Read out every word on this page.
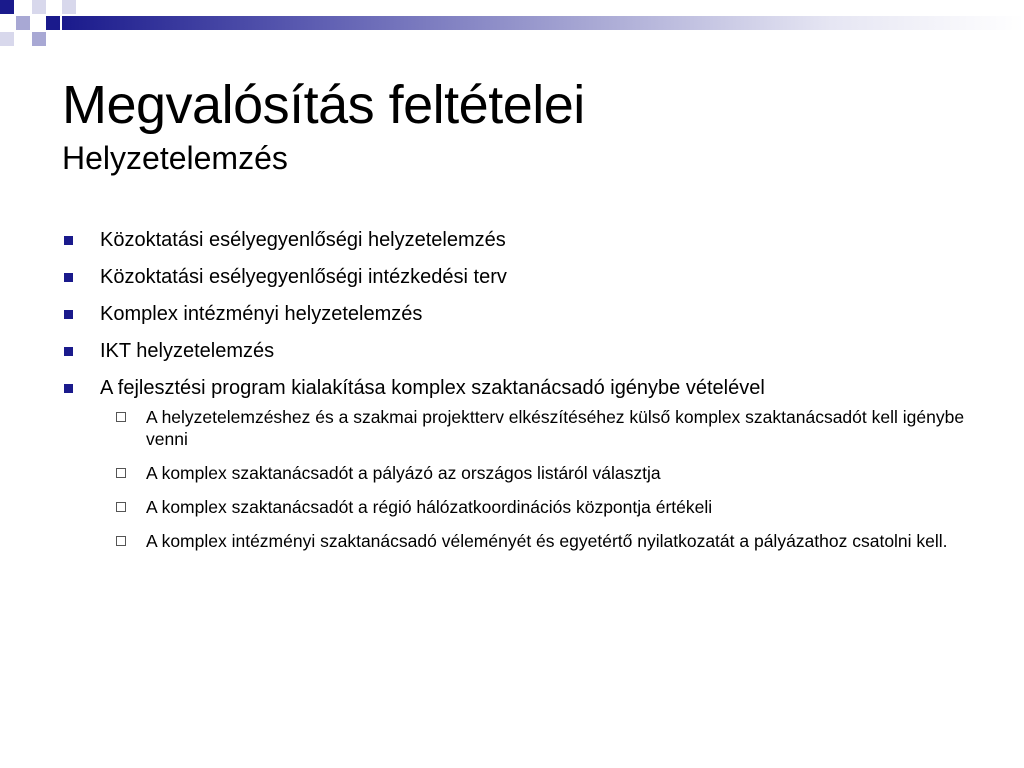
Megvalósítás feltételei
Helyzetelemzés
Közoktatási esélyegyenlőségi helyzetelemzés
Közoktatási esélyegyenlőségi intézkedési terv
Komplex intézményi helyzetelemzés
IKT helyzetelemzés
A fejlesztési program kialakítása komplex szaktanácsadó igénybe vételével
A helyzetelemzéshez és a szakmai projektterv elkészítéséhez külső komplex szaktanácsadót kell igénybe venni
A komplex szaktanácsadót a pályázó az országos listáról választja
A komplex szaktanácsadót a régió hálózatkoordinációs központja értékeli
A komplex intézményi szaktanácsadó véleményét és egyetértő nyilatkozatát a pályázathoz csatolni kell.
